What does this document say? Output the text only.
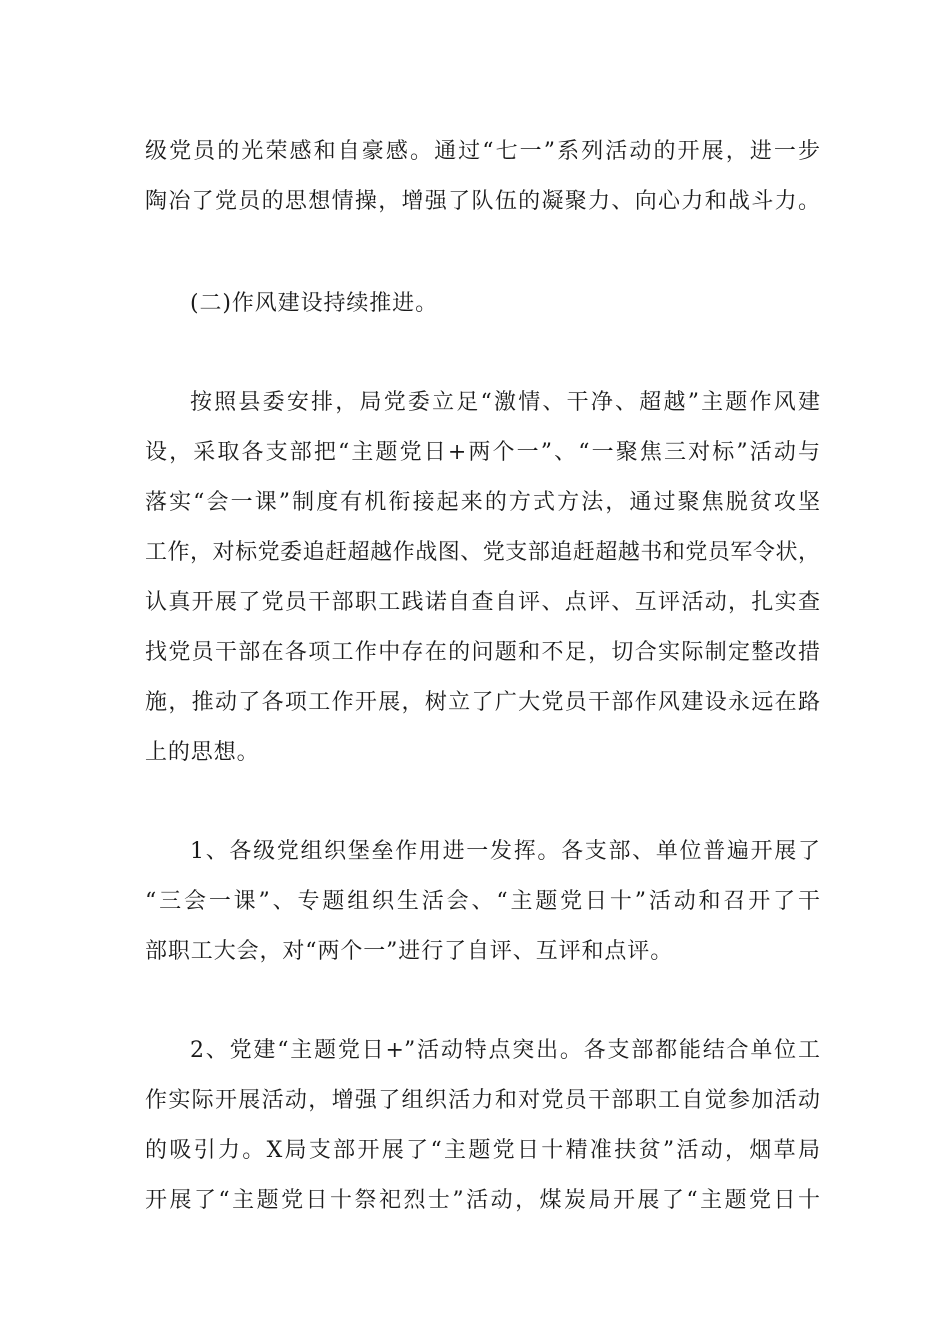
级党员的光荣感和自豪感。通过“七一”系列活动的开展，进一步

陶冶了党员的思想情操，增强了队伍的凝聚力、向心力和战斗力。

(二)作风建设持续推进。

按照县委安排，局党委立足“激情、干净、超越”主题作风建

设，采取各支部把“主题党日+两个一”、“一聚焦三对标”活动与

落实“会一课”制度有机衔接起来的方式方法，通过聚焦脱贫攻坚

工作，对标党委追赶超越作战图、党支部追赶超越书和党员军令状，

认真开展了党员干部职工践诺自查自评、点评、互评活动，扎实查

找党员干部在各项工作中存在的问题和不足，切合实际制定整改措

施，推动了各项工作开展，树立了广大党员干部作风建设永远在路

上的思想。

1、各级党组织堡垒作用进一发挥。各支部、单位普遍开展了

“三会一课”、专题组织生活会、“主题党日十”活动和召开了干

部职工大会，对“两个一”进行了自评、互评和点评。

2、党建“主题党日+”活动特点突出。各支部都能结合单位工

作实际开展活动，增强了组织活力和对党员干部职工自觉参加活动

的吸引力。X局支部开展了“主题党日十精准扶贫”活动，烟草局

开展了“主题党日十祭祀烈士”活动，煤炭局开展了“主题党日十
